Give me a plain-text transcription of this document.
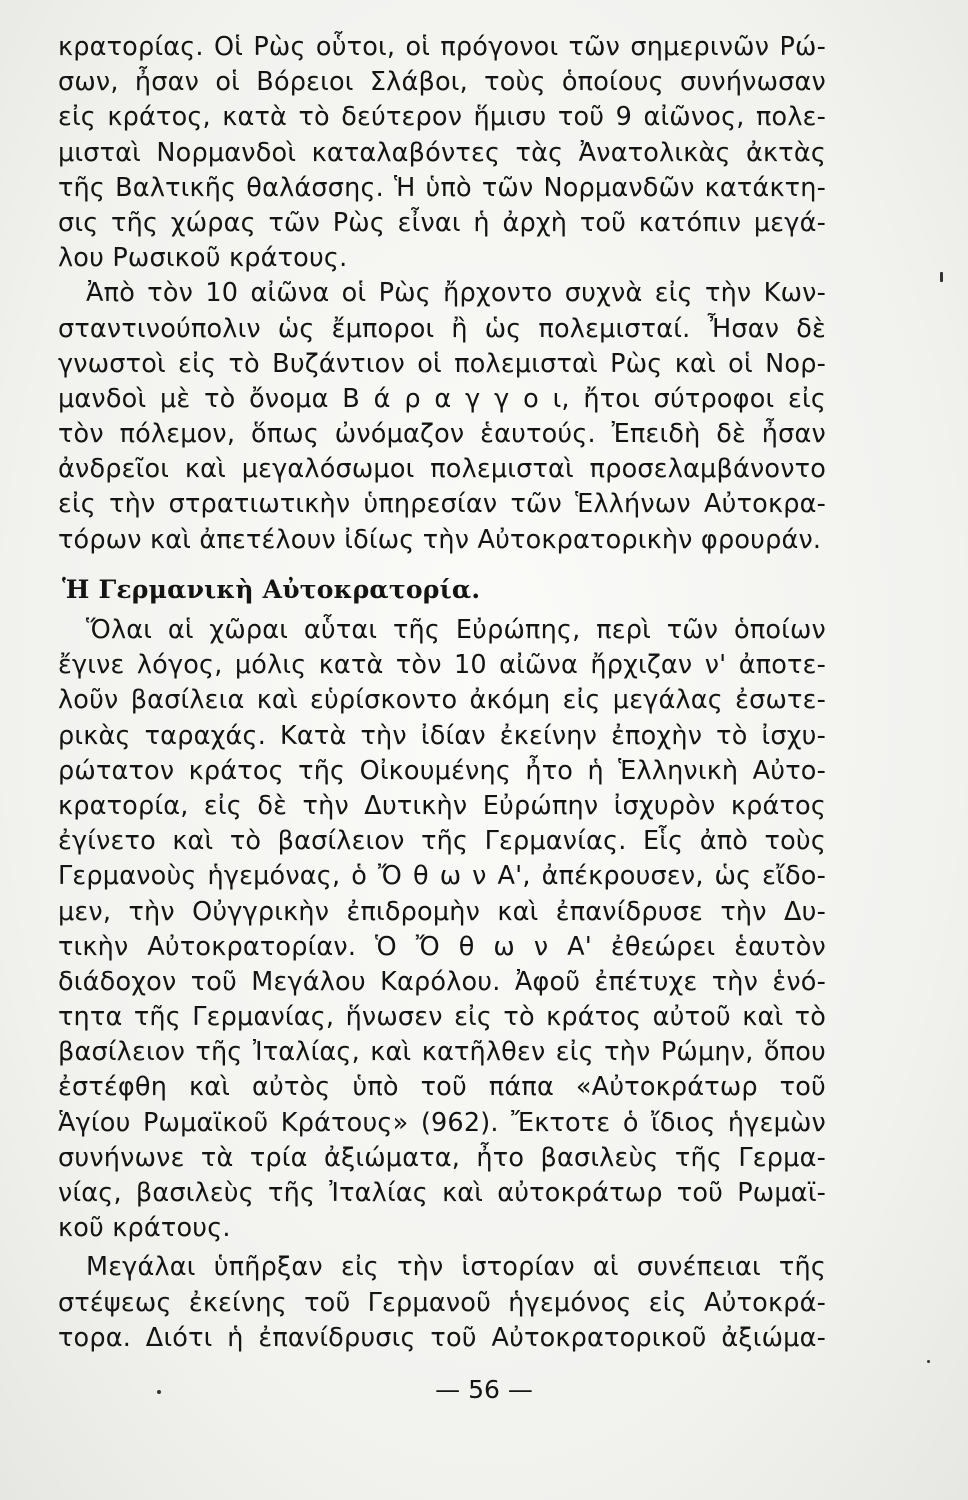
κρατορίας. Οἱ Ρὼς οὗτοι, οἱ πρόγονοι τῶν σημερινῶν Ρώ-
σων, ἦσαν οἱ Βόρειοι Σλάβοι, τοὺς ὁποίους συνήνωσαν
εἰς κράτος, κατὰ τὸ δεύτερον ἥμισυ τοῦ 9 αἰῶνος, πολε-
μισταὶ Νορμανδοὶ καταλαβόντες τὰς Ἀνατολικὰς ἀκτὰς
τῆς Βαλτικῆς θαλάσσης. Ἡ ὑπὸ τῶν Νορμανδῶν κατάκτη-
σις τῆς χώρας τῶν Ρὼς εἶναι ἡ ἀρχὴ τοῦ κατόπιν μεγά-
λου Ρωσικοῦ κράτους.
Ἀπὸ τὸν 10 αἰῶνα οἱ Ρὼς ἤρχοντο συχνὰ εἰς τὴν Κων-
σταντινούπολιν ὡς ἔμποροι ἢ ὡς πολεμισταί. Ἦσαν δὲ
γνωστοὶ εἰς τὸ Βυζάντιον οἱ πολεμισταὶ Ρὼς καὶ οἱ Νορ-
μανδοὶ μὲ τὸ ὄνομα Β ά ρ α γ γ ο ι, ἤτοι σύτροφοι εἰς
τὸν πόλεμον, ὅπως ὠνόμαζον ἑαυτούς. Ἐπειδὴ δὲ ἦσαν
ἀνδρεῖοι καὶ μεγαλόσωμοι πολεμισταὶ προσελαμβάνοντο
εἰς τὴν στρατιωτικὴν ὑπηρεσίαν τῶν Ἑλλήνων Αὐτοκρα-
τόρων καὶ ἀπετέλουν ἰδίως τὴν Αὐτοκρατορικὴν φρουράν.
Ἡ Γερμανικὴ Αὐτοκρατορία.
Ὅλαι αἱ χῶραι αὗται τῆς Εὐρώπης, περὶ τῶν ὁποίων
ἔγινε λόγος, μόλις κατὰ τὸν 10 αἰῶνα ἤρχιζαν ν' ἀποτε-
λοῦν βασίλεια καὶ εὑρίσκοντο ἀκόμη εἰς μεγάλας ἐσωτε-
ρικὰς ταραχάς. Κατὰ τὴν ἰδίαν ἐκείνην ἐποχὴν τὸ ἰσχυ-
ρώτατον κράτος τῆς Οἰκουμένης ἦτο ἡ Ἑλληνικὴ Αὐτο-
κρατορία, εἰς δὲ τὴν Δυτικὴν Εὐρώπην ἰσχυρὸν κράτος
ἐγίνετο καὶ τὸ βασίλειον τῆς Γερμανίας. Εἷς ἀπὸ τοὺς
Γερμανοὺς ἡγεμόνας, ὁ Ὄ θ ω ν Α', ἀπέκρουσεν, ὡς εἴδο-
μεν, τὴν Οὐγγρικὴν ἐπιδρομὴν καὶ ἐπανίδρυσε τὴν Δυ-
τικὴν Αὐτοκρατορίαν. Ὁ Ὄ θ ω ν Α' ἐθεώρει ἑαυτὸν
διάδοχον τοῦ Μεγάλου Καρόλου. Ἀφοῦ ἐπέτυχε τὴν ἑνό-
τητα τῆς Γερμανίας, ἥνωσεν εἰς τὸ κράτος αὐτοῦ καὶ τὸ
βασίλειον τῆς Ἰταλίας, καὶ κατῆλθεν εἰς τὴν Ρώμην, ὅπου
ἐστέφθη καὶ αὐτὸς ὑπὸ τοῦ πάπα «Αὐτοκράτωρ τοῦ
Ἁγίου Ρωμαϊκοῦ Κράτους» (962). Ἔκτοτε ὁ ἴδιος ἡγεμὼν
συνήνωνε τὰ τρία ἀξιώματα, ἦτο βασιλεὺς τῆς Γερμα-
νίας, βασιλεὺς τῆς Ἰταλίας καὶ αὐτοκράτωρ τοῦ Ρωμαϊ-
κοῦ κράτους.
Μεγάλαι ὑπῆρξαν εἰς τὴν ἱστορίαν αἱ συνέπειαι τῆς
στέψεως ἐκείνης τοῦ Γερμανοῦ ἡγεμόνος εἰς Αὐτοκρά-
τορα. Διότι ἡ ἐπανίδρυσις τοῦ Αὐτοκρατορικοῦ ἀξιώμα-
— 56 —
